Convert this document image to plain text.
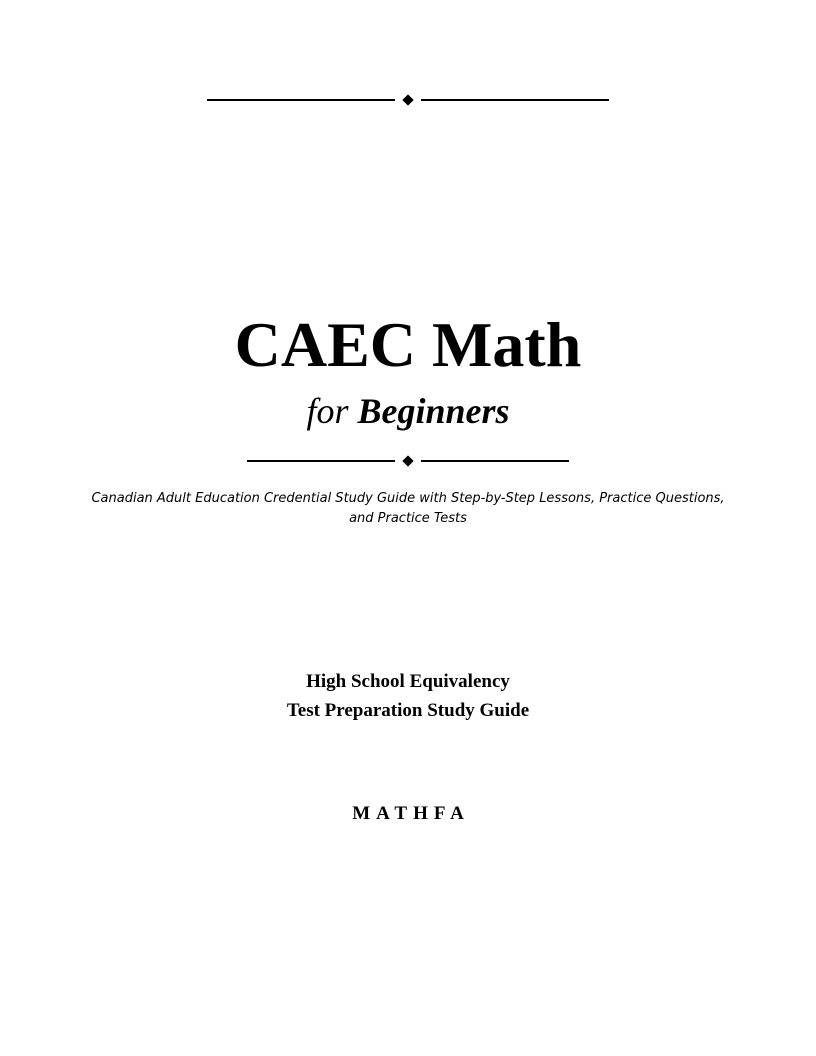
CAEC Math
for Beginners
Canadian Adult Education Credential Study Guide with Step-by-Step Lessons, Practice Questions,
and Practice Tests
High School Equivalency
Test Preparation Study Guide
MATHFA
